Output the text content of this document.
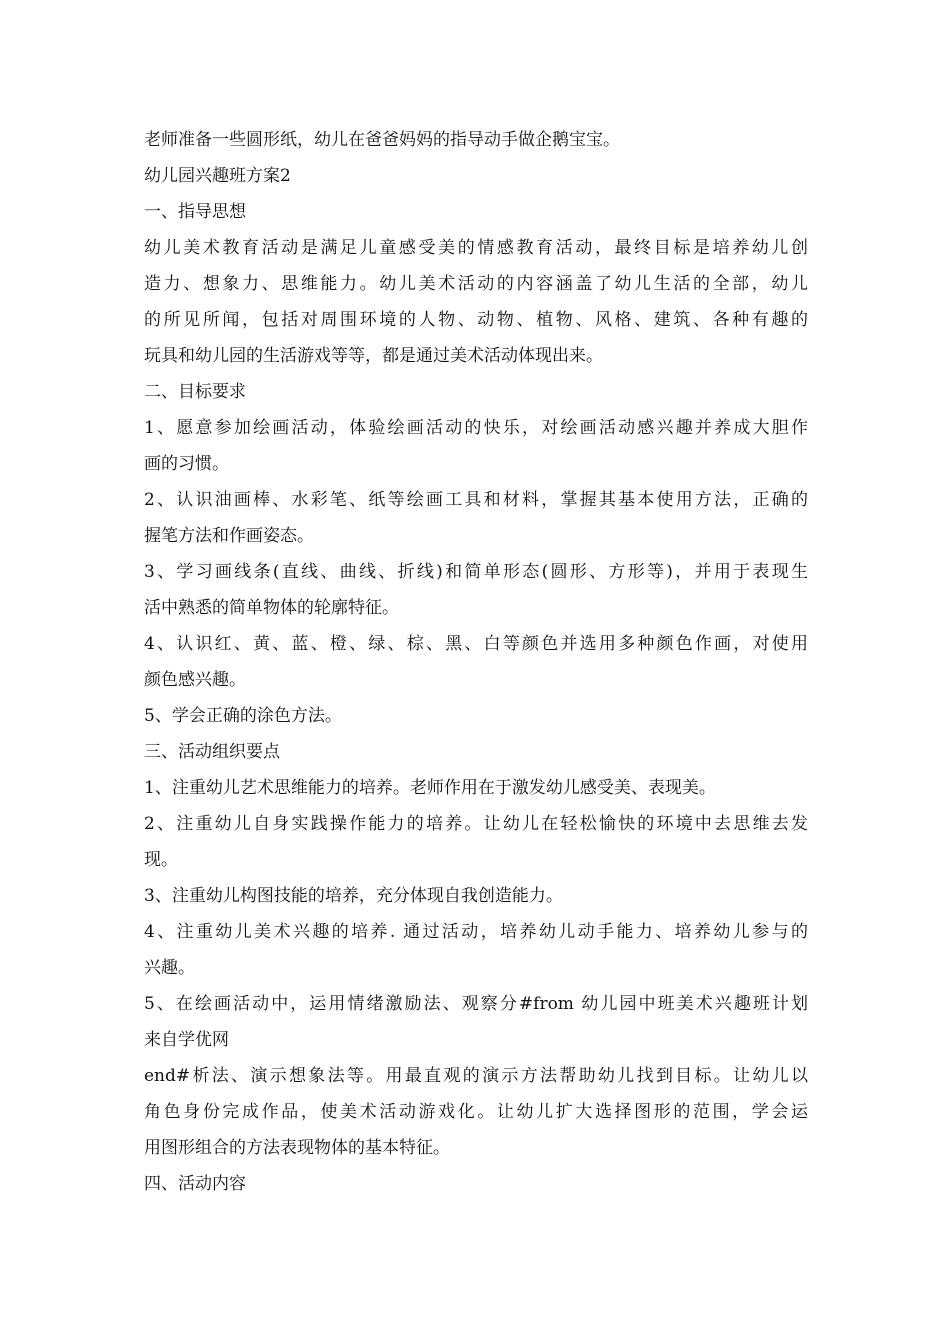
老师准备一些圆形纸，幼儿在爸爸妈妈的指导动手做企鹅宝宝。
幼儿园兴趣班方案2
一、指导思想
幼儿美术教育活动是满足儿童感受美的情感教育活动，最终目标是培养幼儿创
造力、想象力、思维能力。幼儿美术活动的内容涵盖了幼儿生活的全部，幼儿
的所见所闻，包括对周围环境的人物、动物、植物、风格、建筑、各种有趣的
玩具和幼儿园的生活游戏等等，都是通过美术活动体现出来。
二、目标要求
1、愿意参加绘画活动，体验绘画活动的快乐，对绘画活动感兴趣并养成大胆作
画的习惯。
2、认识油画棒、水彩笔、纸等绘画工具和材料，掌握其基本使用方法，正确的
握笔方法和作画姿态。
3、学习画线条(直线、曲线、折线)和简单形态(圆形、方形等)，并用于表现生
活中熟悉的简单物体的轮廓特征。
4、认识红、黄、蓝、橙、绿、棕、黑、白等颜色并选用多种颜色作画，对使用
颜色感兴趣。
5、学会正确的涂色方法。
三、活动组织要点
1、注重幼儿艺术思维能力的培养。老师作用在于激发幼儿感受美、表现美。
2、注重幼儿自身实践操作能力的培养。让幼儿在轻松愉快的环境中去思维去发
现。
3、注重幼儿构图技能的培养，充分体现自我创造能力。
4、注重幼儿美术兴趣的培养. 通过活动，培养幼儿动手能力、培养幼儿参与的
兴趣。
5、在绘画活动中，运用情绪激励法、观察分#from 幼儿园中班美术兴趣班计划
来自学优网
end#析法、演示想象法等。用最直观的演示方法帮助幼儿找到目标。让幼儿以
角色身份完成作品，使美术活动游戏化。让幼儿扩大选择图形的范围，学会运
用图形组合的方法表现物体的基本特征。
四、活动内容
